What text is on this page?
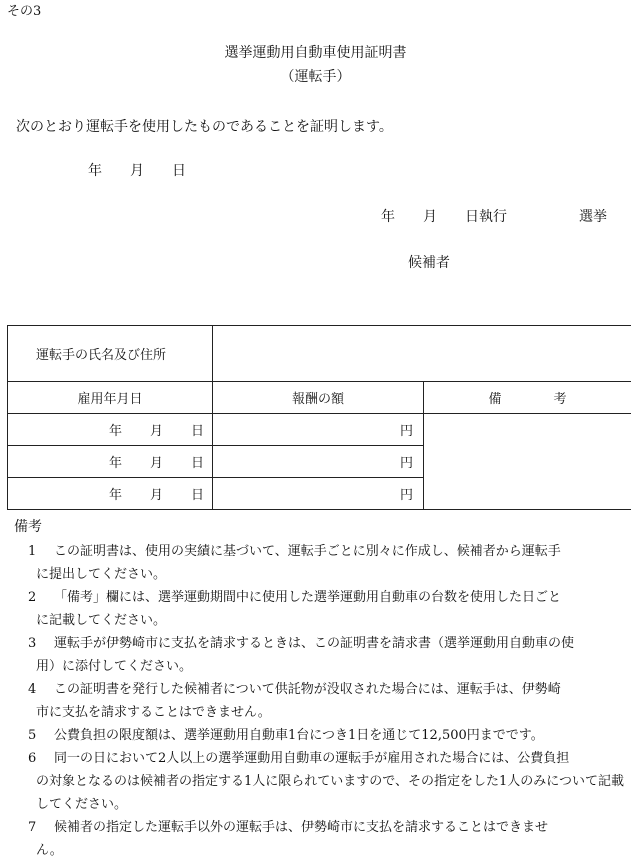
その3
選挙運動用自動車使用証明書
（運転手）
次のとおり運転手を使用したものであることを証明します。
年 月 日
年 月 日執行	選挙
候補者
運転手の氏名及び住所		
雇用年月日	報酬の額	備　　　　考
年 月 日	円	
年 月 日	円	
年 月 日	円	
備考
1 この証明書は、使用の実績に基づいて、運転手ごとに別々に作成し、候補者から運転手
に提出してください。
2 「備考」欄には、選挙運動期間中に使用した選挙運動用自動車の台数を使用した日ごと
に記載してください。
3 運転手が伊勢崎市に支払を請求するときは、この証明書を請求書（選挙運動用自動車の使
用）に添付してください。
4 この証明書を発行した候補者について供託物が没収された場合には、運転手は、伊勢崎
市に支払を請求することはできません。
5 公費負担の限度額は、選挙運動用自動車1台につき1日を通じて12,500円までです。
6 同一の日において2人以上の選挙運動用自動車の運転手が雇用された場合には、公費負担
の対象となるのは候補者の指定する1人に限られていますので、その指定をした1人のみについて記載してください。
7 候補者の指定した運転手以外の運転手は、伊勢崎市に支払を請求することはできませ
ん。
